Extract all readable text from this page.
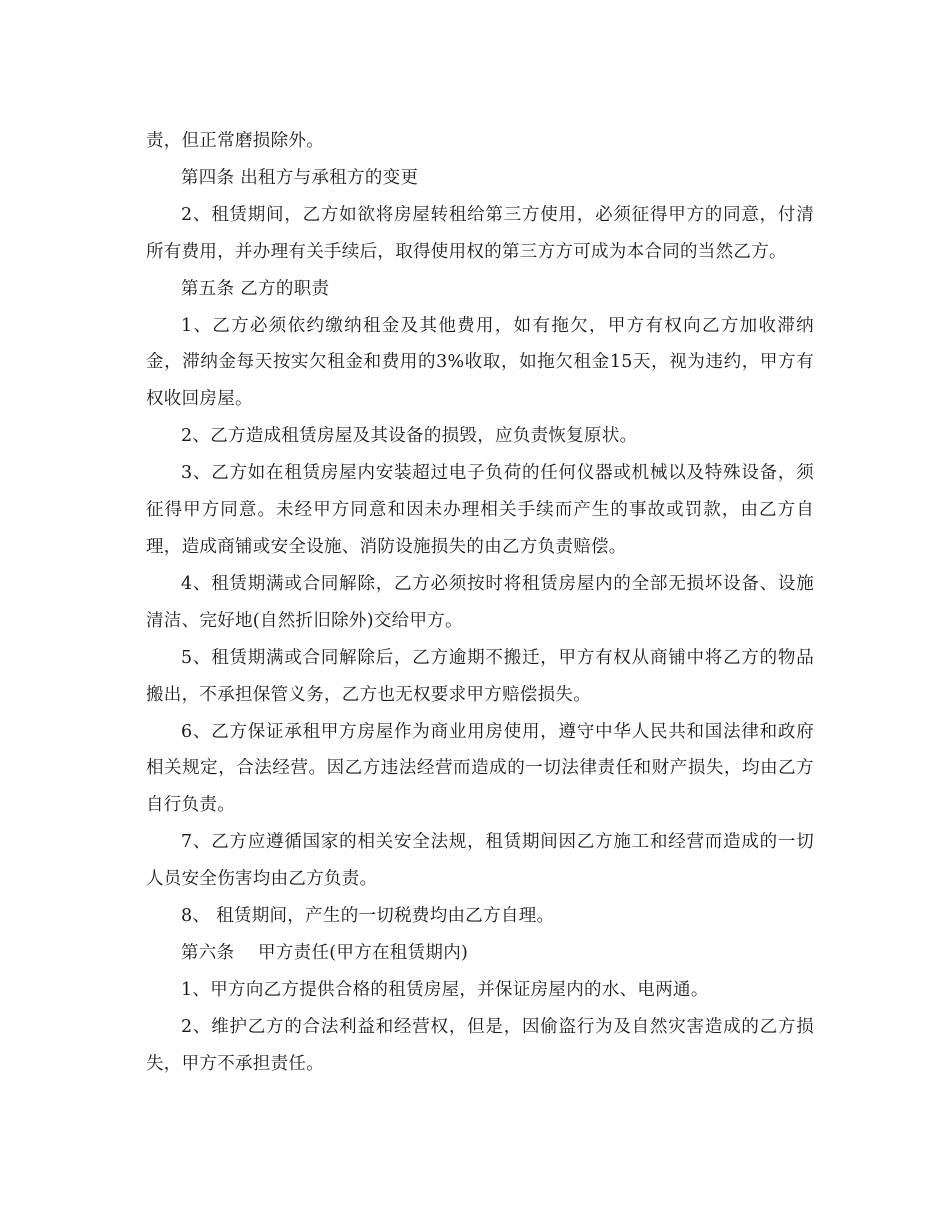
责，但正常磨损除外。

第四条 出租方与承租方的变更

2、租赁期间，乙方如欲将房屋转租给第三方使用，必须征得甲方的同意，付清所有费用，并办理有关手续后，取得使用权的第三方方可成为本合同的当然乙方。

第五条 乙方的职责

1、乙方必须依约缴纳租金及其他费用，如有拖欠，甲方有权向乙方加收滞纳金，滞纳金每天按实欠租金和费用的3%收取，如拖欠租金15天，视为违约，甲方有权收回房屋。

2、乙方造成租赁房屋及其设备的损毁，应负责恢复原状。

3、乙方如在租赁房屋内安装超过电子负荷的任何仪器或机械以及特殊设备，须征得甲方同意。未经甲方同意和因未办理相关手续而产生的事故或罚款，由乙方自理，造成商铺或安全设施、消防设施损失的由乙方负责赔偿。

4、租赁期满或合同解除，乙方必须按时将租赁房屋内的全部无损坏设备、设施清洁、完好地(自然折旧除外)交给甲方。

5、租赁期满或合同解除后，乙方逾期不搬迁，甲方有权从商铺中将乙方的物品搬出，不承担保管义务，乙方也无权要求甲方赔偿损失。

6、乙方保证承租甲方房屋作为商业用房使用，遵守中华人民共和国法律和政府相关规定，合法经营。因乙方违法经营而造成的一切法律责任和财产损失，均由乙方自行负责。

7、乙方应遵循国家的相关安全法规，租赁期间因乙方施工和经营而造成的一切人员安全伤害均由乙方负责。

8、 租赁期间，产生的一切税费均由乙方自理。

第六条　 甲方责任(甲方在租赁期内)

1、甲方向乙方提供合格的租赁房屋，并保证房屋内的水、电两通。

2、维护乙方的合法利益和经营权，但是，因偷盗行为及自然灾害造成的乙方损失，甲方不承担责任。
